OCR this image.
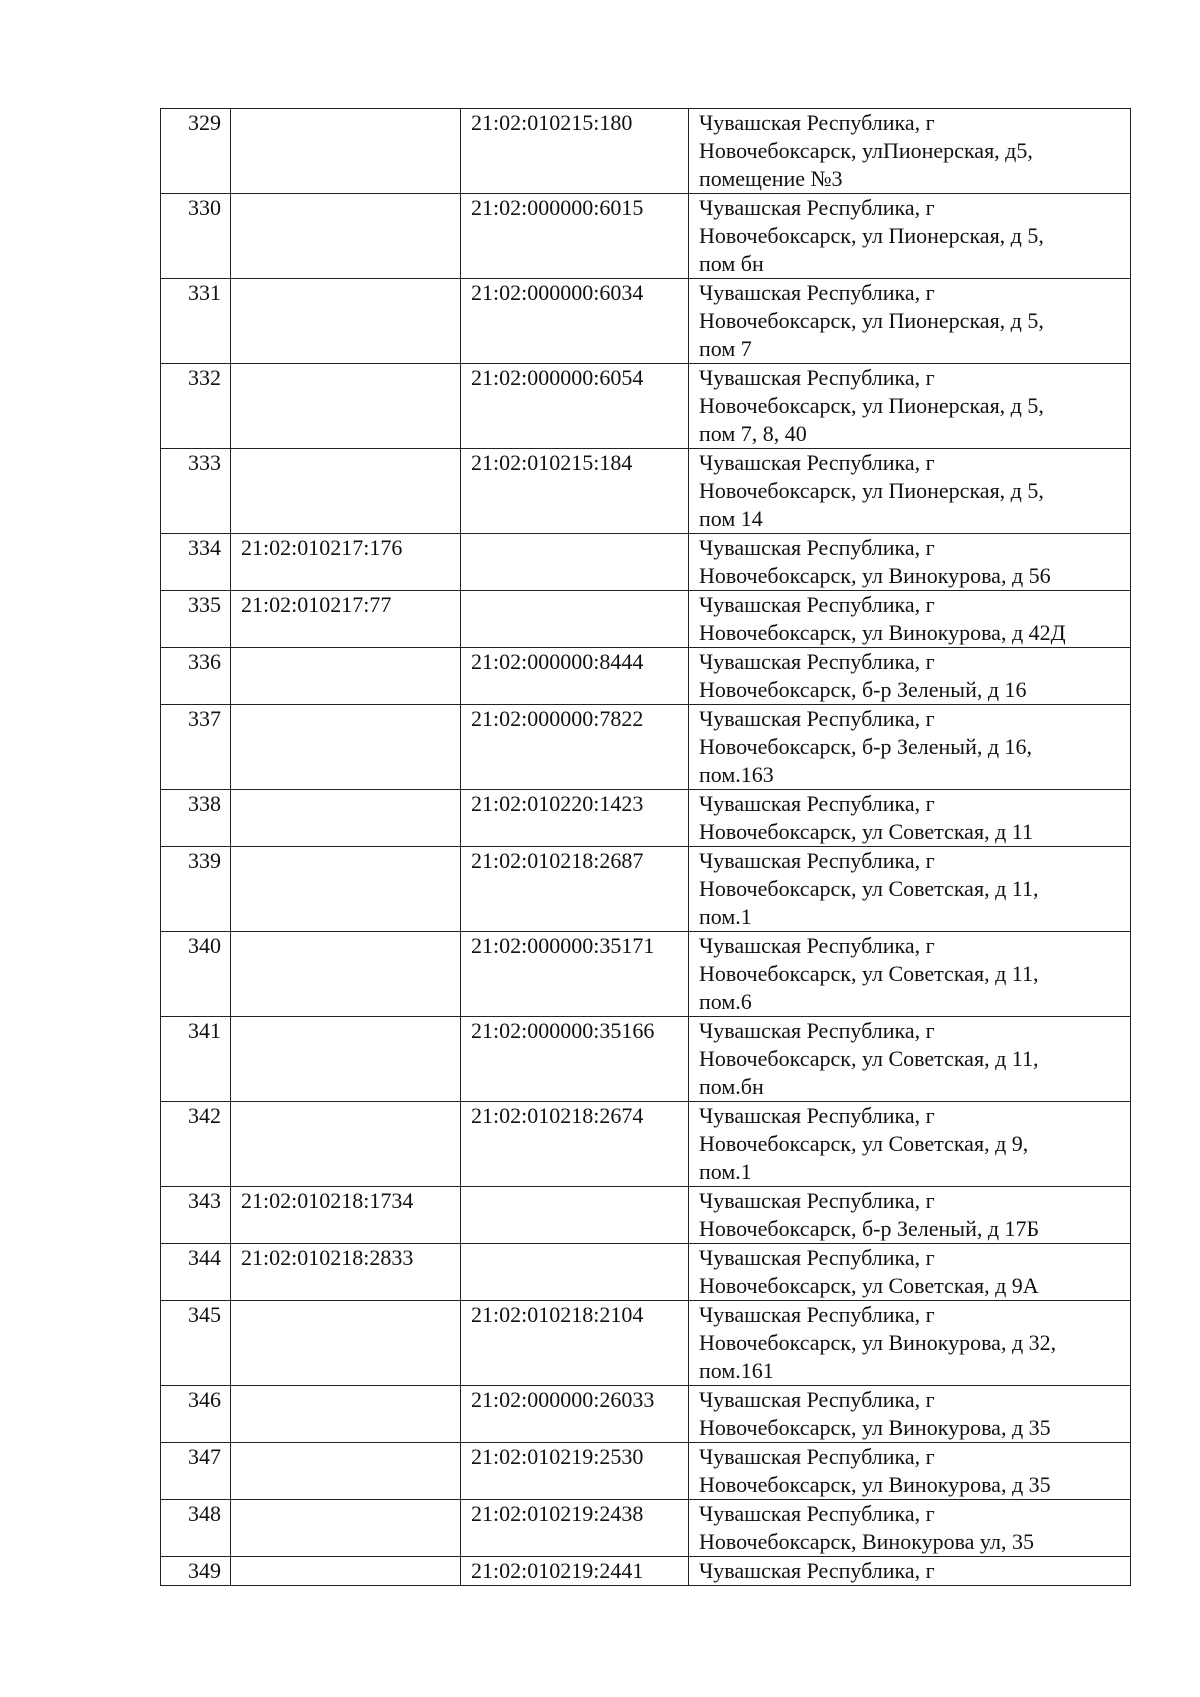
329		21:02:010215:180	Чувашская Республика, г
Новочебоксарск, улПионерская, д5,
помещение №3

330		21:02:000000:6015	Чувашская Республика, г
Новочебоксарск, ул Пионерская, д 5,
пом бн

331		21:02:000000:6034	Чувашская Республика, г
Новочебоксарск, ул Пионерская, д 5,
пом 7

332		21:02:000000:6054	Чувашская Республика, г
Новочебоксарск, ул Пионерская, д 5,
пом 7, 8, 40

333		21:02:010215:184	Чувашская Республика, г
Новочебоксарск, ул Пионерская, д 5,
пом 14

334	21:02:010217:176		Чувашская Республика, г
Новочебоксарск, ул Винокурова, д 56

335	21:02:010217:77		Чувашская Республика, г
Новочебоксарск, ул Винокурова, д 42Д

336		21:02:000000:8444	Чувашская Республика, г
Новочебоксарск, б-р Зеленый, д 16

337		21:02:000000:7822	Чувашская Республика, г
Новочебоксарск, б-р Зеленый, д 16,
пом.163

338		21:02:010220:1423	Чувашская Республика, г
Новочебоксарск, ул Советская, д 11

339		21:02:010218:2687	Чувашская Республика, г
Новочебоксарск, ул Советская, д 11,
пом.1

340		21:02:000000:35171	Чувашская Республика, г
Новочебоксарск, ул Советская, д 11,
пом.6

341		21:02:000000:35166	Чувашская Республика, г
Новочебоксарск, ул Советская, д 11,
пом.бн

342		21:02:010218:2674	Чувашская Республика, г
Новочебоксарск, ул Советская, д 9,
пом.1

343	21:02:010218:1734		Чувашская Республика, г
Новочебоксарск, б-р Зеленый, д 17Б

344	21:02:010218:2833		Чувашская Республика, г
Новочебоксарск, ул Советская, д 9А

345		21:02:010218:2104	Чувашская Республика, г
Новочебоксарск, ул Винокурова, д 32,
пом.161

346		21:02:000000:26033	Чувашская Республика, г
Новочебоксарск, ул Винокурова, д 35

347		21:02:010219:2530	Чувашская Республика, г
Новочебоксарск, ул Винокурова, д 35

348		21:02:010219:2438	Чувашская Республика, г
Новочебоксарск, Винокурова ул, 35

349		21:02:010219:2441	Чувашская Республика, г
